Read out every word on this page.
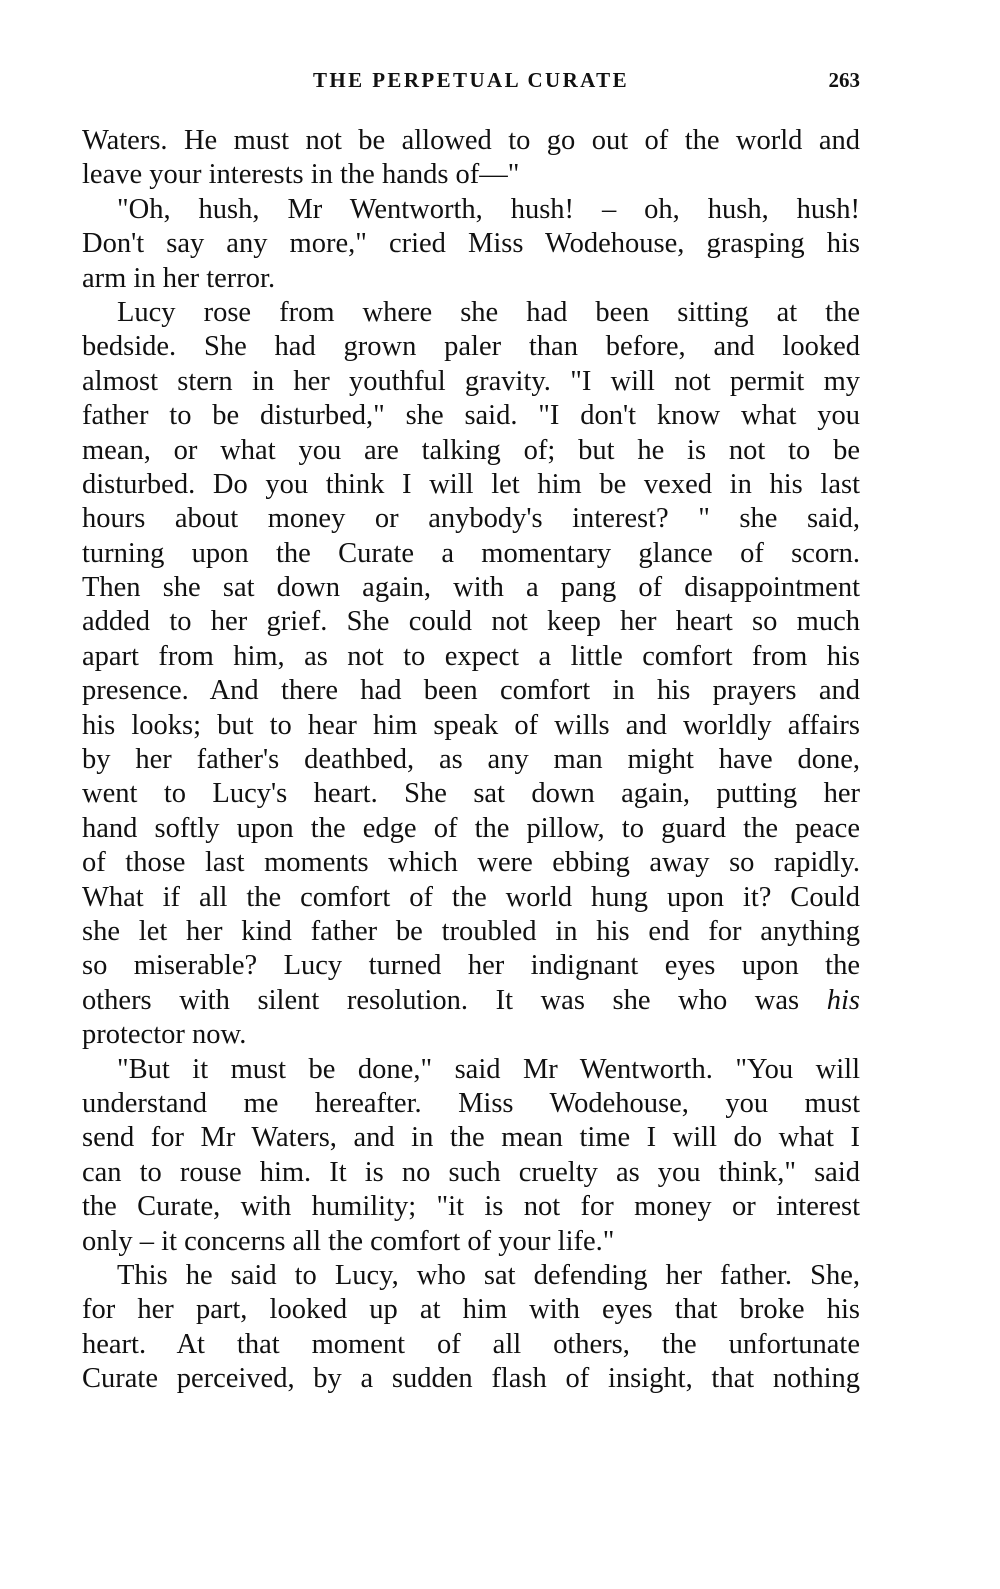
THE PERPETUAL CURATE	263
Waters. He must not be allowed to go out of the world and
leave your interests in the hands of—"
"Oh, hush, Mr Wentworth, hush! – oh, hush, hush!
Don't say any more," cried Miss Wodehouse, grasping his
arm in her terror.
Lucy rose from where she had been sitting at the
bedside. She had grown paler than before, and looked
almost stern in her youthful gravity. "I will not permit my
father to be disturbed," she said. "I don't know what you
mean, or what you are talking of; but he is not to be
disturbed. Do you think I will let him be vexed in his last
hours about money or anybody's interest? " she said,
turning upon the Curate a momentary glance of scorn.
Then she sat down again, with a pang of disappointment
added to her grief. She could not keep her heart so much
apart from him, as not to expect a little comfort from his
presence. And there had been comfort in his prayers and
his looks; but to hear him speak of wills and worldly affairs
by her father's deathbed, as any man might have done,
went to Lucy's heart. She sat down again, putting her
hand softly upon the edge of the pillow, to guard the peace
of those last moments which were ebbing away so rapidly.
What if all the comfort of the world hung upon it? Could
she let her kind father be troubled in his end for anything
so miserable? Lucy turned her indignant eyes upon the
others with silent resolution. It was she who was his
protector now.
"But it must be done," said Mr Wentworth. "You will
understand me hereafter. Miss Wodehouse, you must
send for Mr Waters, and in the mean time I will do what I
can to rouse him. It is no such cruelty as you think," said
the Curate, with humility; "it is not for money or interest
only – it concerns all the comfort of your life."
This he said to Lucy, who sat defending her father. She,
for her part, looked up at him with eyes that broke his
heart. At that moment of all others, the unfortunate
Curate perceived, by a sudden flash of insight, that nothing
